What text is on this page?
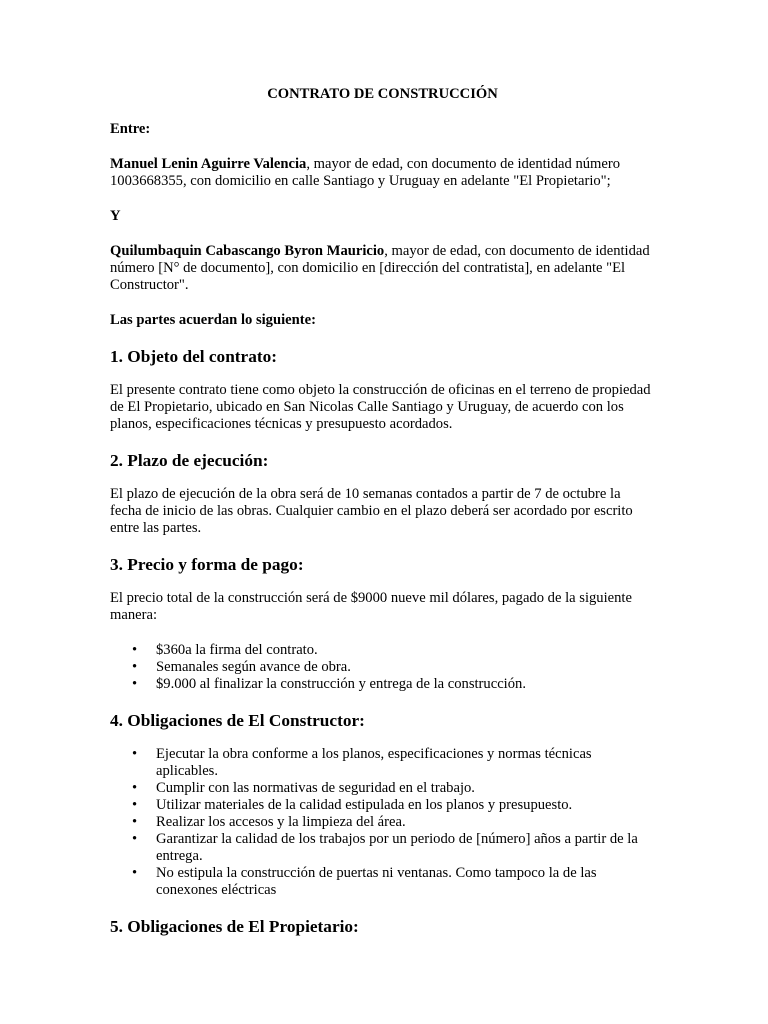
CONTRATO DE CONSTRUCCIÓN

Entre:

Manuel Lenin Aguirre Valencia, mayor de edad, con documento de identidad número 1003668355, con domicilio en calle Santiago y Uruguay en adelante "El Propietario";

Y

Quilumbaquin Cabascango Byron Mauricio, mayor de edad, con documento de identidad número [N° de documento], con domicilio en [dirección del contratista], en adelante "El Constructor".

Las partes acuerdan lo siguiente:

1. Objeto del contrato:

El presente contrato tiene como objeto la construcción de oficinas en el terreno de propiedad de El Propietario, ubicado en San Nicolas Calle Santiago y Uruguay, de acuerdo con los planos, especificaciones técnicas y presupuesto acordados.

2. Plazo de ejecución:

El plazo de ejecución de la obra será de 10 semanas contados a partir de 7 de octubre la fecha de inicio de las obras. Cualquier cambio en el plazo deberá ser acordado por escrito entre las partes.

3. Precio y forma de pago:

El precio total de la construcción será de $9000 nueve mil dólares, pagado de la siguiente manera:

• $360a la firma del contrato.
• Semanales según avance de obra.
• $9.000 al finalizar la construcción y entrega de la construcción.
4. Obligaciones de El Constructor:
• Ejecutar la obra conforme a los planos, especificaciones y normas técnicas aplicables.
• Cumplir con las normativas de seguridad en el trabajo.
• Utilizar materiales de la calidad estipulada en los planos y presupuesto.
• Realizar los accesos y la limpieza del área.
• Garantizar la calidad de los trabajos por un periodo de [número] años a partir de la entrega.
• No estipula la construcción de puertas ni ventanas. Como tampoco la de las conexones eléctricas
5. Obligaciones de El Propietario:
